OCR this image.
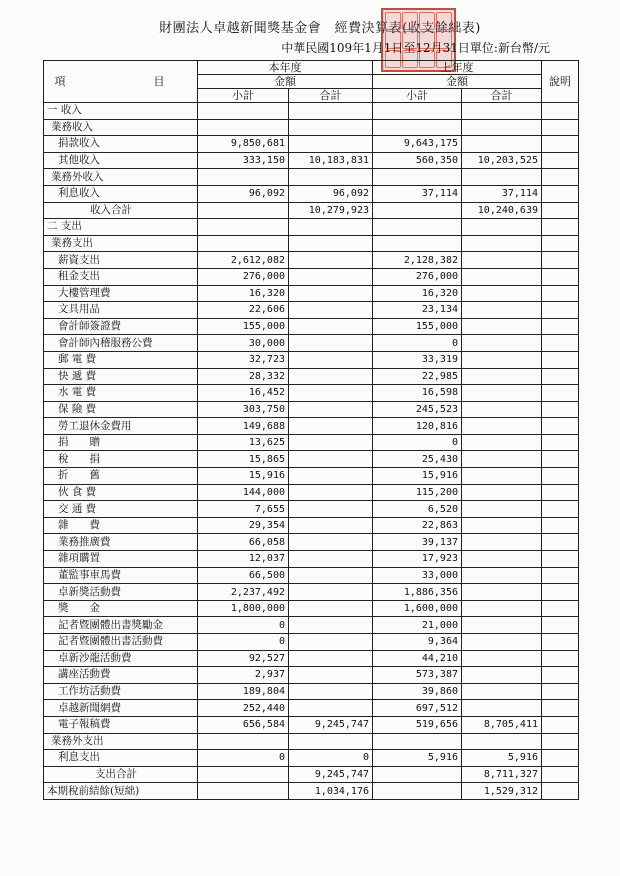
財團法人卓越新聞獎基金會　經費決算表(收支餘絀表)
中華民國109年1月1日至12月31日單位:新台幣/元
項　　目	本年度		上年度		說明
	金額		金額		
	小計	合計	小計	合計	
一 收入					
業務收入					
捐款收入	9,850,681		9,643,175		
其他收入	333,150	10,183,831	560,350	10,203,525	
業務外收入					
利息收入	96,092	96,092	37,114	37,114	
收入合計		10,279,923		10,240,639	
二 支出					
業務支出					
薪資支出	2,612,082		2,128,382		
租金支出	276,000		276,000		
大樓管理費	16,320		16,320		
文具用品	22,606		23,134		
會計師簽證費	155,000		155,000		
會計師內稽服務公費	30,000		0		
郵 電 費	32,723		33,319		
快 遞 費	28,332		22,985		
水 電 費	16,452		16,598		
保 險 費	303,750		245,523		
勞工退休金費用	149,688		120,816		
捐　　贈	13,625		0		
稅　　捐	15,865		25,430		
折　　舊	15,916		15,916		
伙 食 費	144,000		115,200		
交 通 費	7,655		6,520		
雜　　費	29,354		22,863		
業務推廣費	66,058		39,137		
雜項購置	12,037		17,923		
董監事車馬費	66,500		33,000		
卓新獎活動費	2,237,492		1,886,356		
獎　　金	1,800,000		1,600,000		
記者暨團體出書獎勵金	0		21,000		
記者暨團體出書活動費	0		9,364		
卓新沙龍活動費	92,527		44,210		
講座活動費	2,937		573,387		
工作坊活動費	189,804		39,860		
卓越新聞網費	252,440		697,512		
電子報稿費	656,584	9,245,747	519,656	8,705,411	
業務外支出					
利息支出	0	0	5,916	5,916	
支出合計		9,245,747		8,711,327	
本期稅前結餘(短絀)		1,034,176		1,529,312	
